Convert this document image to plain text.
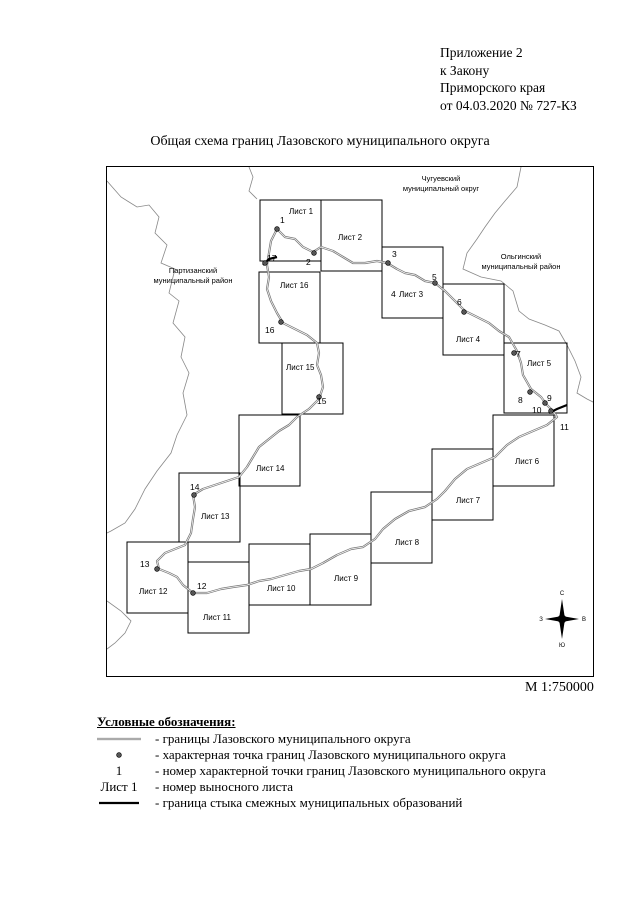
Приложение 2
к Закону
Приморского края
от 04.03.2020 № 727-КЗ
Общая схема границ Лазовского муниципального округа
Чугуевский
муниципальный округ
Партизанский
муниципальный район
Ольгинский
муниципальный район
Лист 1
Лист 2
Лист 3
Лист 4
Лист 5
Лист 6
Лист 7
Лист 8
Лист 9
Лист 10
Лист 11
Лист 12
Лист 13
Лист 14
Лист 15
Лист 16
1
2
3
4
5
6
7
8	9
10
11
12
13
14
15
16
17
С
Ю
З	В
М 1:750000
Условные обозначения:
- границы Лазовского муниципального округа
- характерная точка границ Лазовского муниципального округа
1	- номер характерной точки границ Лазовского муниципального округа
Лист 1 - номер выносного листа
- граница стыка смежных муниципальных образований
